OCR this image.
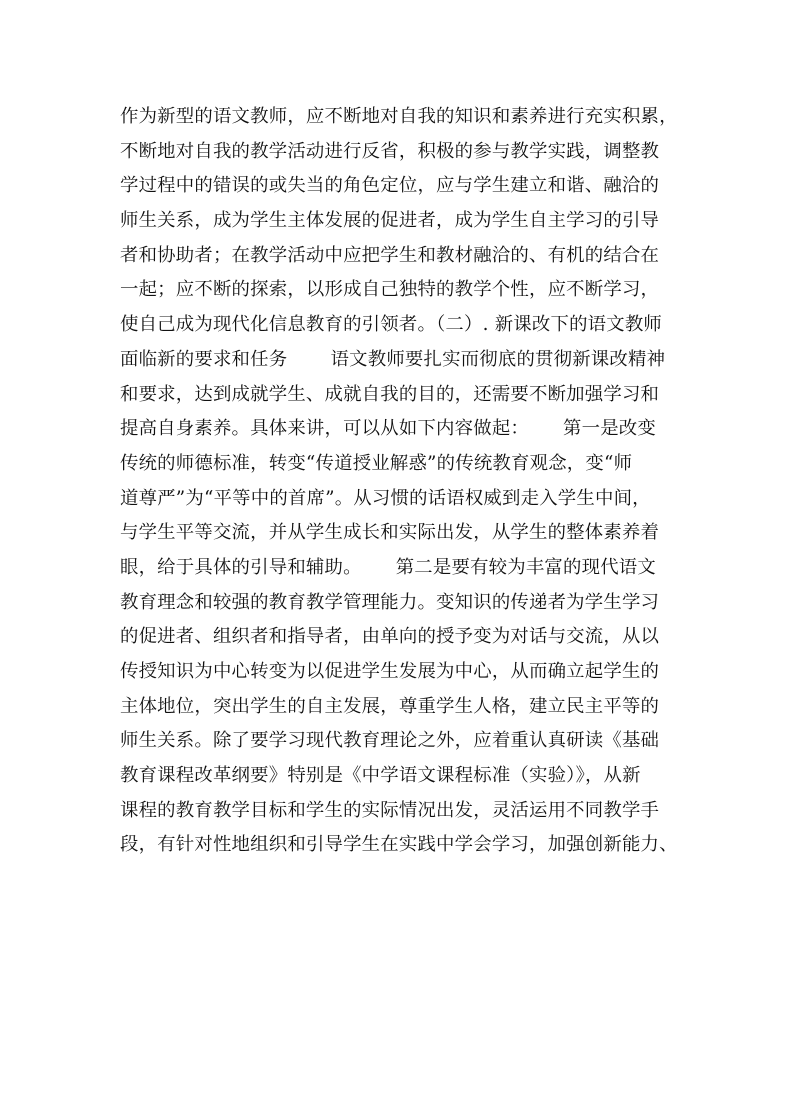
作为新型的语文教师，应不断地对自我的知识和素养进行充实积累，
不断地对自我的教学活动进行反省，积极的参与教学实践，调整教
学过程中的错误的或失当的角色定位，应与学生建立和谐、融洽的
师生关系，成为学生主体发展的促进者，成为学生自主学习的引导
者和协助者；在教学活动中应把学生和教材融洽的、有机的结合在
一起；应不断的探索，以形成自己独特的教学个性，应不断学习，
使自己成为现代化信息教育的引领者。（二）. 新课改下的语文教师
面临新的要求和任务　　 语文教师要扎实而彻底的贯彻新课改精神
和要求，达到成就学生、成就自我的目的，还需要不断加强学习和
提高自身素养。具体来讲，可以从如下内容做起：　　 第一是改变
传统的师德标准，转变“传道授业解惑”的传统教育观念，变“师
道尊严”为“平等中的首席”。从习惯的话语权威到走入学生中间，
与学生平等交流，并从学生成长和实际出发，从学生的整体素养着
眼，给于具体的引导和辅助。　　 第二是要有较为丰富的现代语文
教育理念和较强的教育教学管理能力。变知识的传递者为学生学习
的促进者、组织者和指导者，由单向的授予变为对话与交流，从以
传授知识为中心转变为以促进学生发展为中心，从而确立起学生的
主体地位，突出学生的自主发展，尊重学生人格，建立民主平等的
师生关系。除了要学习现代教育理论之外，应着重认真研读《基础
教育课程改革纲要》特别是《中学语文课程标准（实验）》，从新
课程的教育教学目标和学生的实际情况出发，灵活运用不同教学手
段，有针对性地组织和引导学生在实践中学会学习，加强创新能力、
